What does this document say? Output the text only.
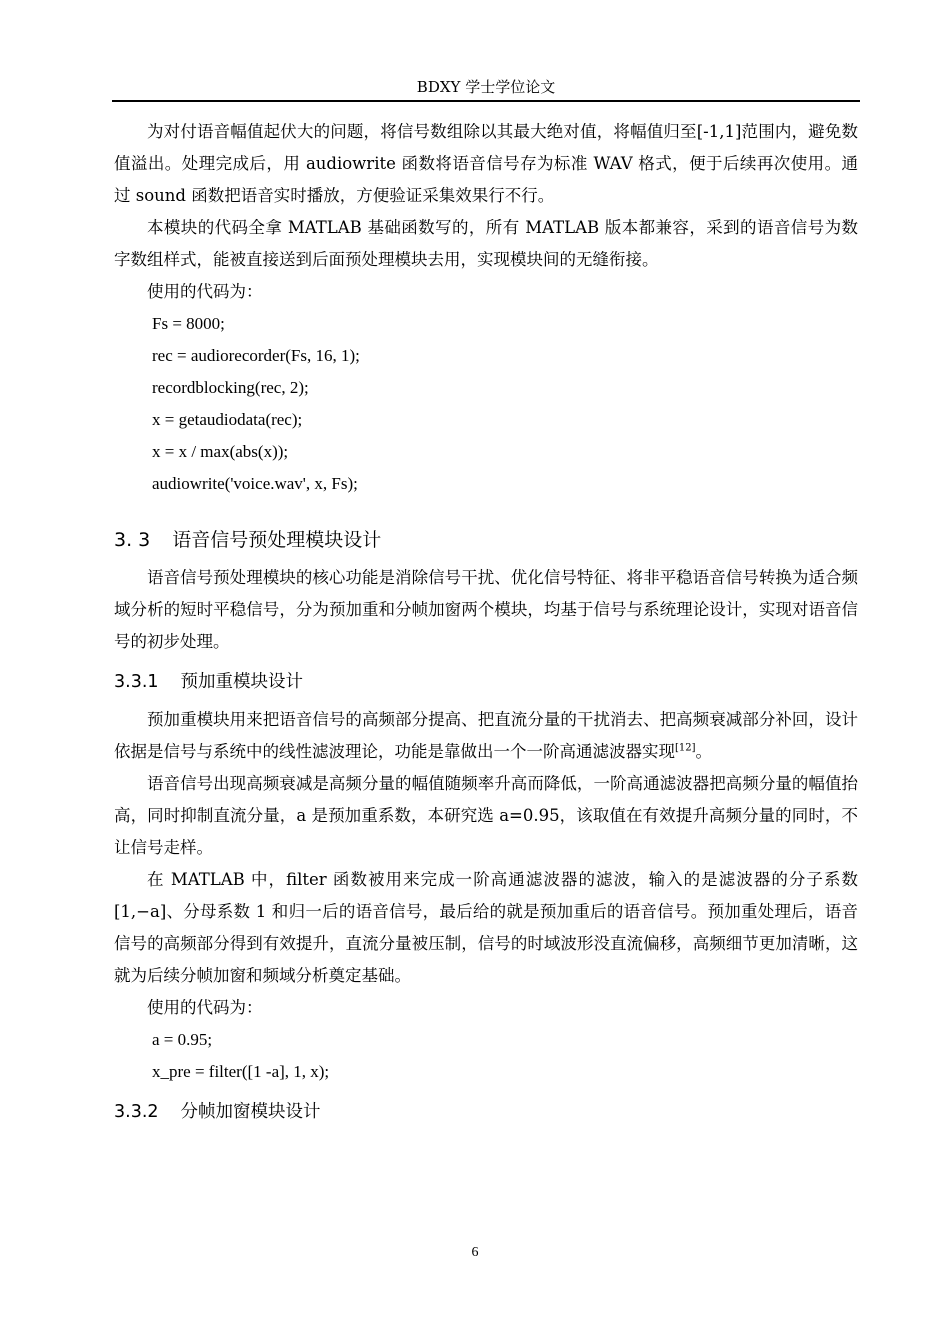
BDXY 学士学位论文

为对付语音幅值起伏大的问题，将信号数组除以其最大绝对值，将幅值归至[-1,1]范围内，避免数值溢出。处理完成后，用 audiowrite 函数将语音信号存为标准 WAV 格式，便于后续再次使用。通过 sound 函数把语音实时播放，方便验证采集效果行不行。

本模块的代码全拿 MATLAB 基础函数写的，所有 MATLAB 版本都兼容，采到的语音信号为数字数组样式，能被直接送到后面预处理模块去用，实现模块间的无缝衔接。

使用的代码为：

Fs = 8000;

rec = audiorecorder(Fs, 16, 1);

recordblocking(rec, 2);

x = getaudiodata(rec);

x = x / max(abs(x));

audiowrite('voice.wav', x, Fs);

3. 3 语音信号预处理模块设计

语音信号预处理模块的核心功能是消除信号干扰、优化信号特征、将非平稳语音信号转换为适合频域分析的短时平稳信号，分为预加重和分帧加窗两个模块，均基于信号与系统理论设计，实现对语音信号的初步处理。

3.3.1 预加重模块设计

预加重模块用来把语音信号的高频部分提高、把直流分量的干扰消去、把高频衰减部分补回，设计依据是信号与系统中的线性滤波理论，功能是靠做出一个一阶高通滤波器实现[12]。

语音信号出现高频衰减是高频分量的幅值随频率升高而降低，一阶高通滤波器把高频分量的幅值抬高，同时抑制直流分量，a 是预加重系数，本研究选 a=0.95，该取值在有效提升高频分量的同时，不让信号走样。

在 MATLAB 中，filter 函数被用来完成一阶高通滤波器的滤波，输入的是滤波器的分子系数[1,−a]、分母系数 1 和归一后的语音信号，最后给的就是预加重后的语音信号。预加重处理后，语音信号的高频部分得到有效提升，直流分量被压制，信号的时域波形没直流偏移，高频细节更加清晰，这就为后续分帧加窗和频域分析奠定基础。

使用的代码为：

a = 0.95;

x_pre = filter([1 -a], 1, x);

3.3.2 分帧加窗模块设计
6
